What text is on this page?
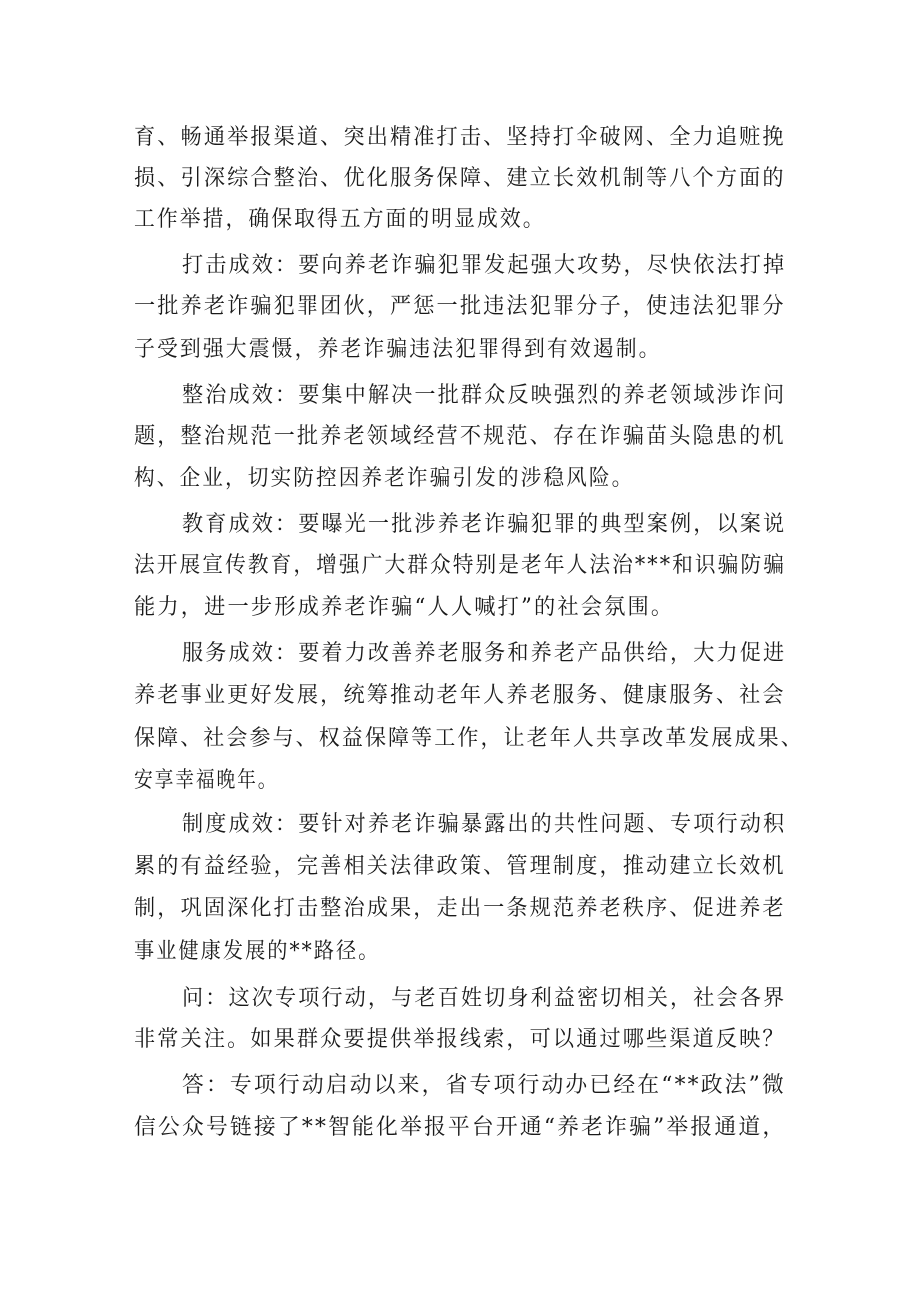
育、畅通举报渠道、突出精准打击、坚持打伞破网、全力追赃挽
损、引深综合整治、优化服务保障、建立长效机制等八个方面的
工作举措，确保取得五方面的明显成效。
打击成效：要向养老诈骗犯罪发起强大攻势，尽快依法打掉
一批养老诈骗犯罪团伙，严惩一批违法犯罪分子，使违法犯罪分
子受到强大震慑，养老诈骗违法犯罪得到有效遏制。
整治成效：要集中解决一批群众反映强烈的养老领域涉诈问
题，整治规范一批养老领域经营不规范、存在诈骗苗头隐患的机
构、企业，切实防控因养老诈骗引发的涉稳风险。
教育成效：要曝光一批涉养老诈骗犯罪的典型案例，以案说
法开展宣传教育，增强广大群众特别是老年人法治***和识骗防骗
能力，进一步形成养老诈骗“人人喊打”的社会氛围。
服务成效：要着力改善养老服务和养老产品供给，大力促进
养老事业更好发展，统筹推动老年人养老服务、健康服务、社会
保障、社会参与、权益保障等工作，让老年人共享改革发展成果、
安享幸福晚年。
制度成效：要针对养老诈骗暴露出的共性问题、专项行动积
累的有益经验，完善相关法律政策、管理制度，推动建立长效机
制，巩固深化打击整治成果，走出一条规范养老秩序、促进养老
事业健康发展的**路径。
问：这次专项行动，与老百姓切身利益密切相关，社会各界
非常关注。如果群众要提供举报线索，可以通过哪些渠道反映？
答：专项行动启动以来，省专项行动办已经在“**政法”微
信公众号链接了**智能化举报平台开通“养老诈骗”举报通道，
